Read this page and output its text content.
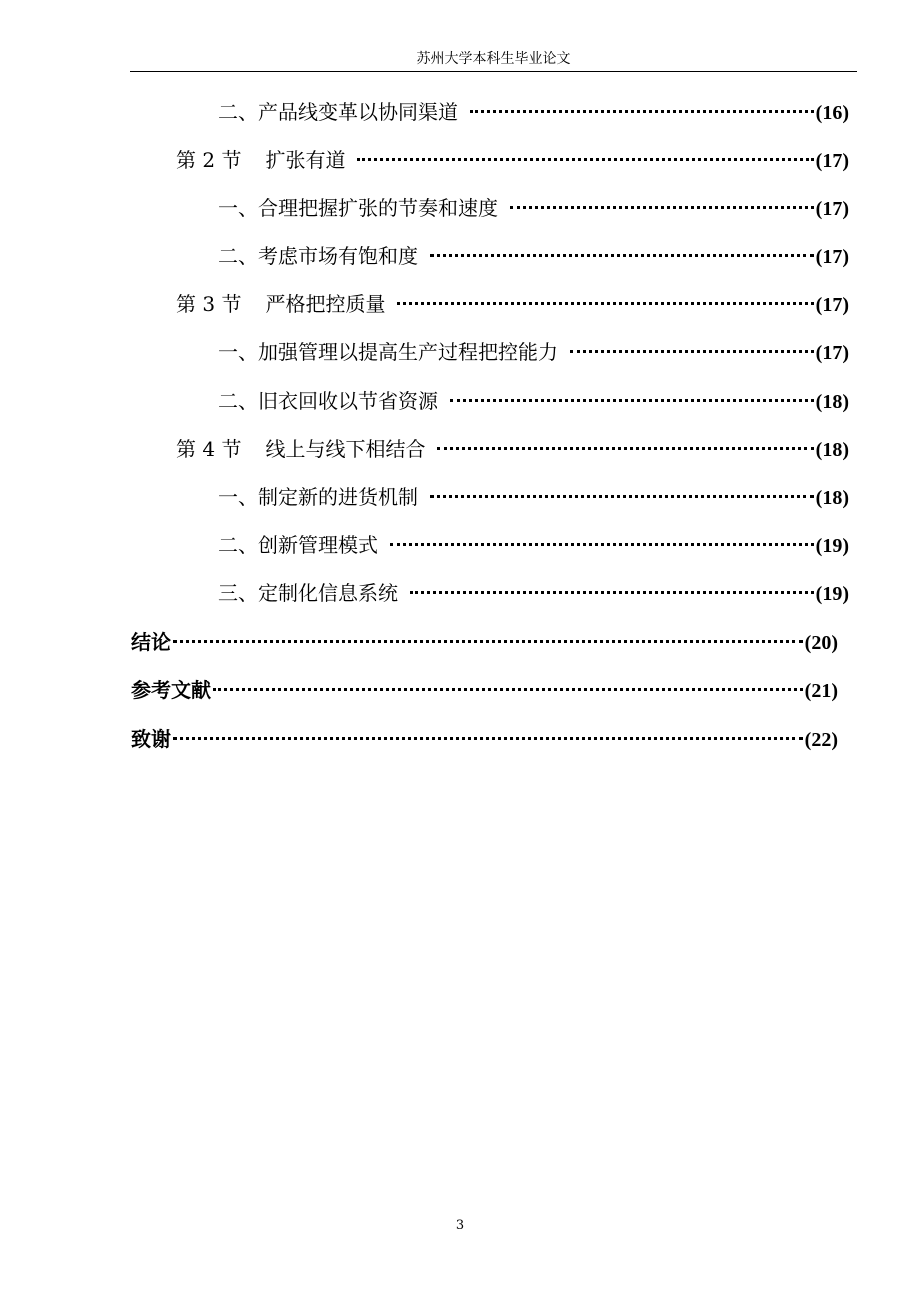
苏州大学本科生毕业论文
二、产品线变革以协同渠道	(16)
第 2 节 扩张有道	(17)
一、合理把握扩张的节奏和速度	(17)
二、考虑市场有饱和度	(17)
第 3 节 严格把控质量	(17)
一、加强管理以提高生产过程把控能力	(17)
二、旧衣回收以节省资源	(18)
第 4 节 线上与线下相结合	(18)
一、制定新的进货机制	(18)
二、创新管理模式	(19)
三、定制化信息系统	(19)
结论	(20)
参考文献	(21)
致谢	(22)
3
